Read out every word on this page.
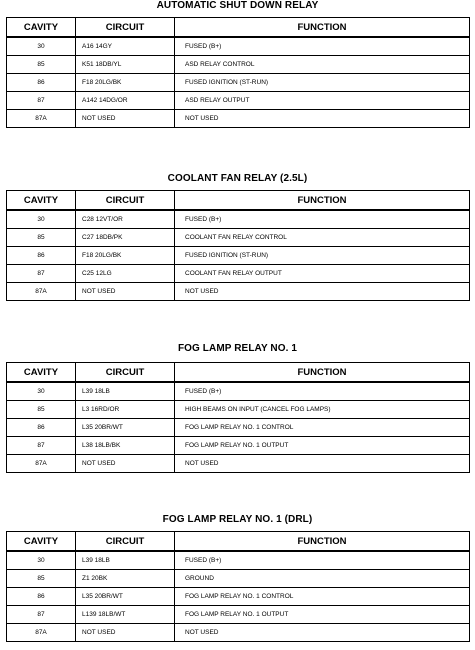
AUTOMATIC SHUT DOWN RELAY
CAVITY	CIRCUIT	FUNCTION
30	A16 14GY	FUSED (B+)
85	K51 18DB/YL	ASD RELAY CONTROL
86	F18 20LG/BK	FUSED IGNITION (ST-RUN)
87	A142 14DG/OR	ASD RELAY OUTPUT
87A	NOT USED	NOT USED
COOLANT FAN RELAY (2.5L)
CAVITY	CIRCUIT	FUNCTION
30	C28 12VT/OR	FUSED (B+)
85	C27 18DB/PK	COOLANT FAN RELAY CONTROL
86	F18 20LG/BK	FUSED IGNITION (ST-RUN)
87	C25 12LG	COOLANT FAN RELAY OUTPUT
87A	NOT USED	NOT USED
FOG LAMP RELAY NO. 1
CAVITY	CIRCUIT	FUNCTION
30	L39 18LB	FUSED (B+)
85	L3 16RD/OR	HIGH BEAMS ON INPUT (CANCEL FOG LAMPS)
86	L35 20BR/WT	FOG LAMP RELAY NO. 1 CONTROL
87	L38 18LB/BK	FOG LAMP RELAY NO. 1 OUTPUT
87A	NOT USED	NOT USED
FOG LAMP RELAY NO. 1 (DRL)
CAVITY	CIRCUIT	FUNCTION
30	L39 18LB	FUSED (B+)
85	Z1 20BK	GROUND
86	L35 20BR/WT	FOG LAMP RELAY NO. 1 CONTROL
87	L139 18LB/WT	FOG LAMP RELAY NO. 1 OUTPUT
87A	NOT USED	NOT USED
